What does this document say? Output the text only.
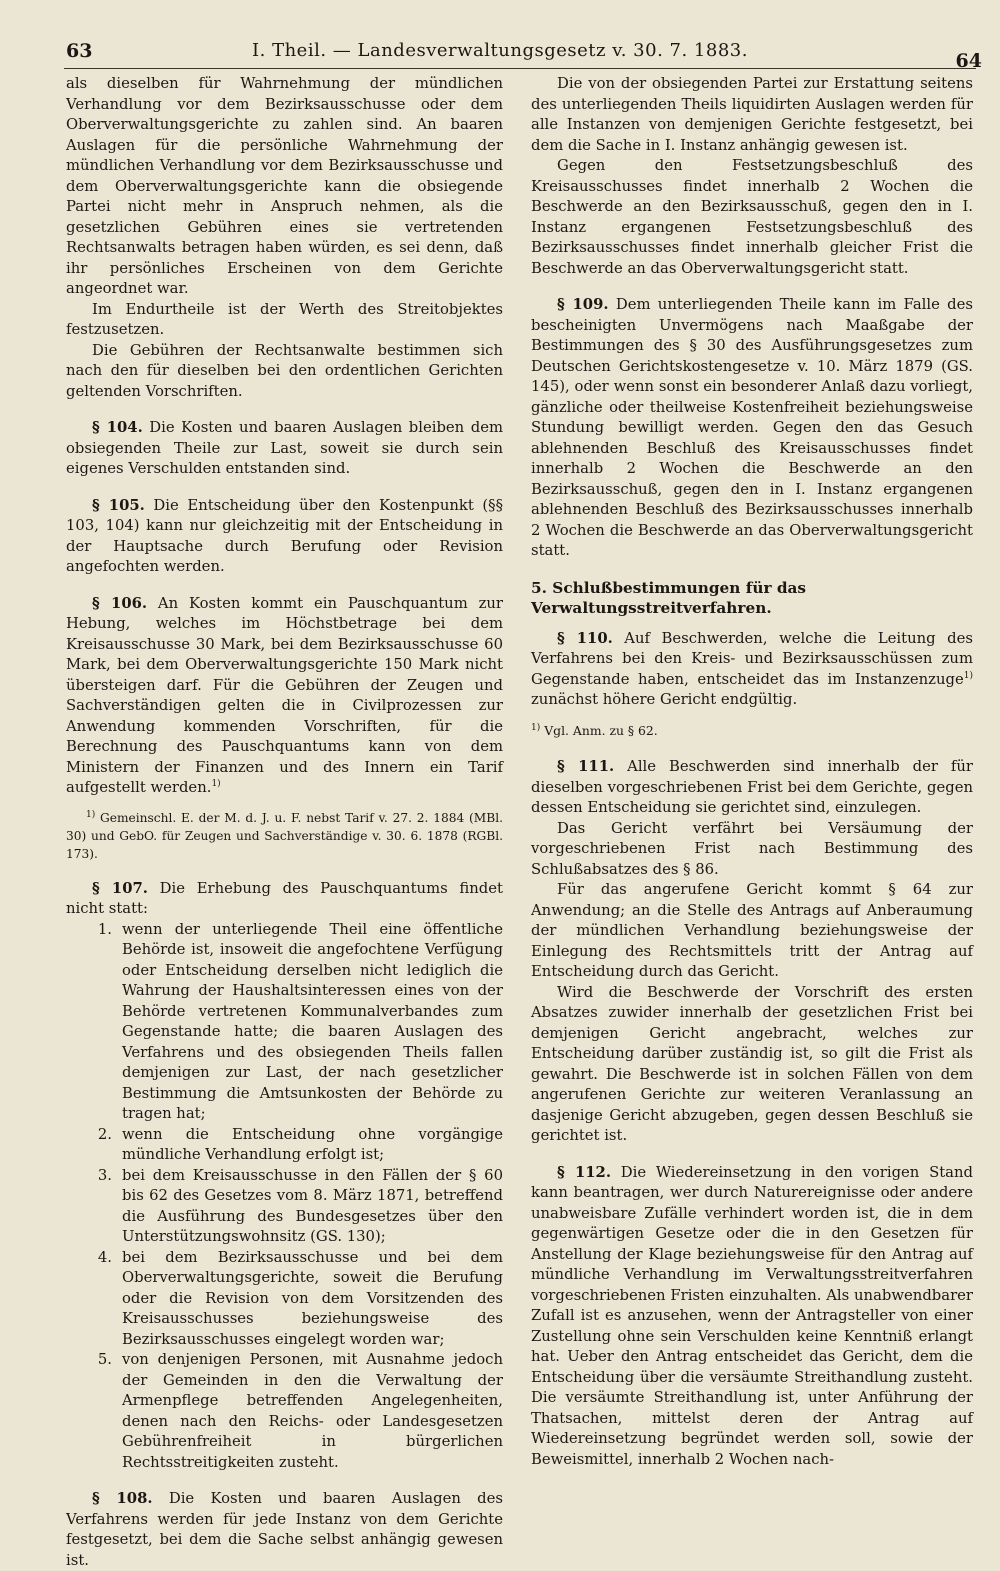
63	I. Theil. — Landesverwaltungsgesetz v. 30. 7. 1883.	64

als dieselben für Wahrnehmung der mündlichen Verhandlung vor dem Bezirksausschusse oder dem Oberverwaltungsgerichte zu zahlen sind. An baaren Auslagen für die persönliche Wahrnehmung der mündlichen Verhandlung vor dem Bezirksausschusse und dem Oberverwaltungsgerichte kann die obsiegende Partei nicht mehr in Anspruch nehmen, als die gesetzlichen Gebühren eines sie vertretenden Rechtsanwalts betragen haben würden, es sei denn, daß ihr persönliches Erscheinen von dem Gerichte angeordnet war.

Im Endurtheile ist der Werth des Streitobjektes festzusetzen.

Die Gebühren der Rechtsanwalte bestimmen sich nach den für dieselben bei den ordentlichen Gerichten geltenden Vorschriften.

§ 104. Die Kosten und baaren Auslagen bleiben dem obsiegenden Theile zur Last, soweit sie durch sein eigenes Verschulden entstanden sind.

§ 105. Die Entscheidung über den Kostenpunkt (§§ 103, 104) kann nur gleichzeitig mit der Entscheidung in der Hauptsache durch Berufung oder Revision angefochten werden.

§ 106. An Kosten kommt ein Pauschquantum zur Hebung, welches im Höchstbetrage bei dem Kreisausschusse 30 Mark, bei dem Bezirksausschusse 60 Mark, bei dem Oberverwaltungsgerichte 150 Mark nicht übersteigen darf. Für die Gebühren der Zeugen und Sachverständigen gelten die in Civilprozessen zur Anwendung kommenden Vorschriften, für die Berechnung des Pauschquantums kann von dem Ministern der Finanzen und des Innern ein Tarif aufgestellt werden.$^{1)}$

$^{1)}$ Gemeinschl. E. der M. d. J. u. F. nebst Tarif v. 27. 2. 1884 (MBl. 30) und GebO. für Zeugen und Sachverständige v. 30. 6. 1878 (RGBl. 173).

§ 107. Die Erhebung des Pauschquantums findet nicht statt:

1. wenn der unterliegende Theil eine öffentliche Behörde ist, insoweit die angefochtene Verfügung oder Entscheidung derselben nicht lediglich die Wahrung der Haushaltsinteressen eines von der Behörde vertretenen Kommunalverbandes zum Gegenstande hatte; die baaren Auslagen des Verfahrens und des obsiegenden Theils fallen demjenigen zur Last, der nach gesetzlicher Bestimmung die Amtsunkosten der Behörde zu tragen hat;
2. wenn die Entscheidung ohne vorgängige mündliche Verhandlung erfolgt ist;
3. bei dem Kreisausschusse in den Fällen der § 60 bis 62 des Gesetzes vom 8. März 1871, betreffend die Ausführung des Bundesgesetzes über den Unterstützungswohnsitz (GS. 130);
4. bei dem Bezirksausschusse und bei dem Oberverwaltungsgerichte, soweit die Berufung oder die Revision von dem Vorsitzenden des Kreisausschusses beziehungsweise des Bezirksausschusses eingelegt worden war;
5. von denjenigen Personen, mit Ausnahme jedoch der Gemeinden in den die Verwaltung der Armenpflege betreffenden Angelegenheiten, denen nach den Reichs- oder Landesgesetzen Gebührenfreiheit in bürgerlichen Rechtsstreitigkeiten zusteht.

§ 108. Die Kosten und baaren Auslagen des Verfahrens werden für jede Instanz von dem Gerichte festgesetzt, bei dem die Sache selbst anhängig gewesen ist.

Die von der obsiegenden Partei zur Erstattung seitens des unterliegenden Theils liquidirten Auslagen werden für alle Instanzen von demjenigen Gerichte festgesetzt, bei dem die Sache in I. Instanz anhängig gewesen ist.

Gegen den Festsetzungsbeschluß des Kreisausschusses findet innerhalb 2 Wochen die Beschwerde an den Bezirksausschuß, gegen den in I. Instanz ergangenen Festsetzungsbeschluß des Bezirksausschusses findet innerhalb gleicher Frist die Beschwerde an das Oberverwaltungsgericht statt.

§ 109. Dem unterliegenden Theile kann im Falle des bescheinigten Unvermögens nach Maaßgabe der Bestimmungen des § 30 des Ausführungsgesetzes zum Deutschen Gerichtskostengesetze v. 10. März 1879 (GS. 145), oder wenn sonst ein besonderer Anlaß dazu vorliegt, gänzliche oder theilweise Kostenfreiheit beziehungsweise Stundung bewilligt werden. Gegen den das Gesuch ablehnenden Beschluß des Kreisausschusses findet innerhalb 2 Wochen die Beschwerde an den Bezirksausschuß, gegen den in I. Instanz ergangenen ablehnenden Beschluß des Bezirksausschusses innerhalb 2 Wochen die Beschwerde an das Oberverwaltungsgericht statt.

5. Schlußbestimmungen für das Verwaltungsstreitverfahren.

§ 110. Auf Beschwerden, welche die Leitung des Verfahrens bei den Kreis- und Bezirksausschüssen zum Gegenstande haben, entscheidet das im Instanzenzuge$^{1)}$ zunächst höhere Gericht endgültig.

$^{1)}$ Vgl. Anm. zu § 62.

§ 111. Alle Beschwerden sind innerhalb der für dieselben vorgeschriebenen Frist bei dem Gerichte, gegen dessen Entscheidung sie gerichtet sind, einzulegen.

Das Gericht verfährt bei Versäumung der vorgeschriebenen Frist nach Bestimmung des Schlußabsatzes des § 86.

Für das angerufene Gericht kommt § 64 zur Anwendung; an die Stelle des Antrags auf Anberaumung der mündlichen Verhandlung beziehungsweise der Einlegung des Rechtsmittels tritt der Antrag auf Entscheidung durch das Gericht.

Wird die Beschwerde der Vorschrift des ersten Absatzes zuwider innerhalb der gesetzlichen Frist bei demjenigen Gericht angebracht, welches zur Entscheidung darüber zuständig ist, so gilt die Frist als gewahrt. Die Beschwerde ist in solchen Fällen von dem angerufenen Gerichte zur weiteren Veranlassung an dasjenige Gericht abzugeben, gegen dessen Beschluß sie gerichtet ist.

§ 112. Die Wiedereinsetzung in den vorigen Stand kann beantragen, wer durch Naturereignisse oder andere unabweisbare Zufälle verhindert worden ist, die in dem gegenwärtigen Gesetze oder die in den Gesetzen für Anstellung der Klage beziehungsweise für den Antrag auf mündliche Verhandlung im Verwaltungsstreitverfahren vorgeschriebenen Fristen einzuhalten. Als unabwendbarer Zufall ist es anzusehen, wenn der Antragsteller von einer Zustellung ohne sein Verschulden keine Kenntniß erlangt hat. Ueber den Antrag entscheidet das Gericht, dem die Entscheidung über die versäumte Streithandlung zusteht. Die versäumte Streithandlung ist, unter Anführung der Thatsachen, mittelst deren der Antrag auf Wiedereinsetzung begründet werden soll, sowie der Beweismittel, innerhalb 2 Wochen nach-
